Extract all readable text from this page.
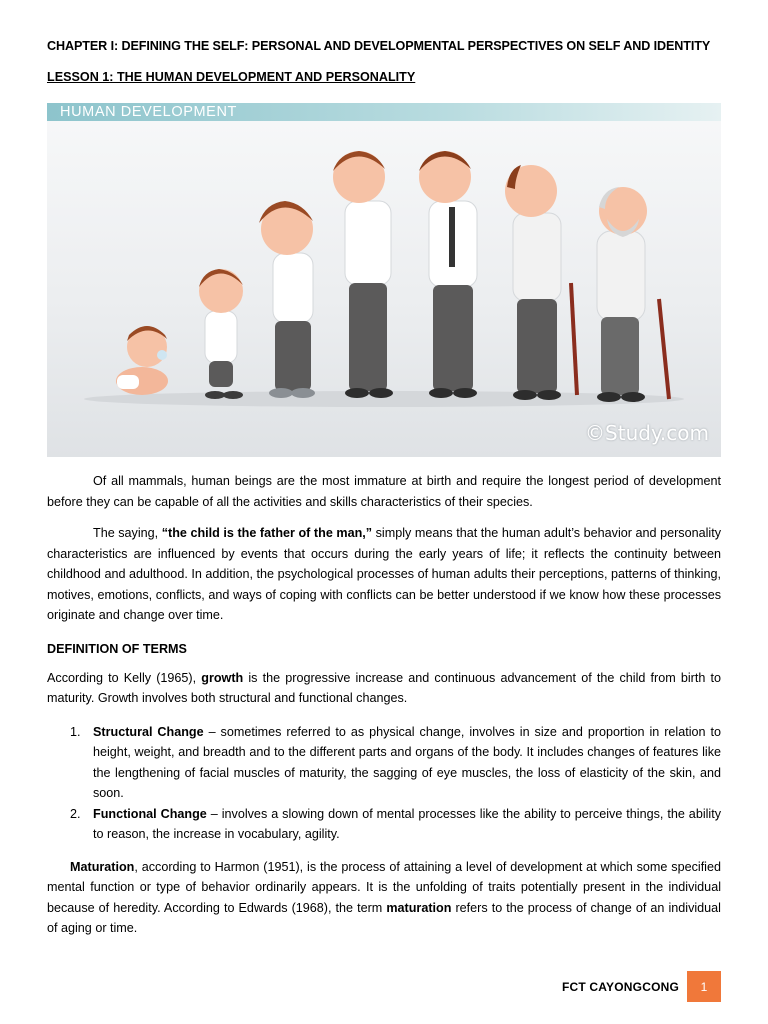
CHAPTER I: DEFINING THE SELF: PERSONAL AND DEVELOPMENTAL PERSPECTIVES ON SELF AND IDENTITY

LESSON 1: THE HUMAN DEVELOPMENT AND PERSONALITY

HUMAN DEVELOPMENT
©Study.com

Of all mammals, human beings are the most immature at birth and require the longest period of development before they can be capable of all the activities and skills characteristics of their species.

The saying, “the child is the father of the man,” simply means that the human adult’s behavior and personality characteristics are influenced by events that occurs during the early years of life; it reflects the continuity between childhood and adulthood. In addition, the psychological processes of human adults their perceptions, patterns of thinking, motives, emotions, conflicts, and ways of coping with conflicts can be better understood if we know how these processes originate and change over time.

DEFINITION OF TERMS

According to Kelly (1965), growth is the progressive increase and continuous advancement of the child from birth to maturity. Growth involves both structural and functional changes.

1. Structural Change – sometimes referred to as physical change, involves in size and proportion in relation to height, weight, and breadth and to the different parts and organs of the body. It includes changes of features like the lengthening of facial muscles of maturity, the sagging of eye muscles, the loss of elasticity of the skin, and soon.
2. Functional Change – involves a slowing down of mental processes like the ability to perceive things, the ability to reason, the increase in vocabulary, agility.

Maturation, according to Harmon (1951), is the process of attaining a level of development at which some specified mental function or type of behavior ordinarily appears. It is the unfolding of traits potentially present in the individual because of heredity. According to Edwards (1968), the term maturation refers to the process of change of an individual of aging or time.

FCT CAYONGCONG	1
